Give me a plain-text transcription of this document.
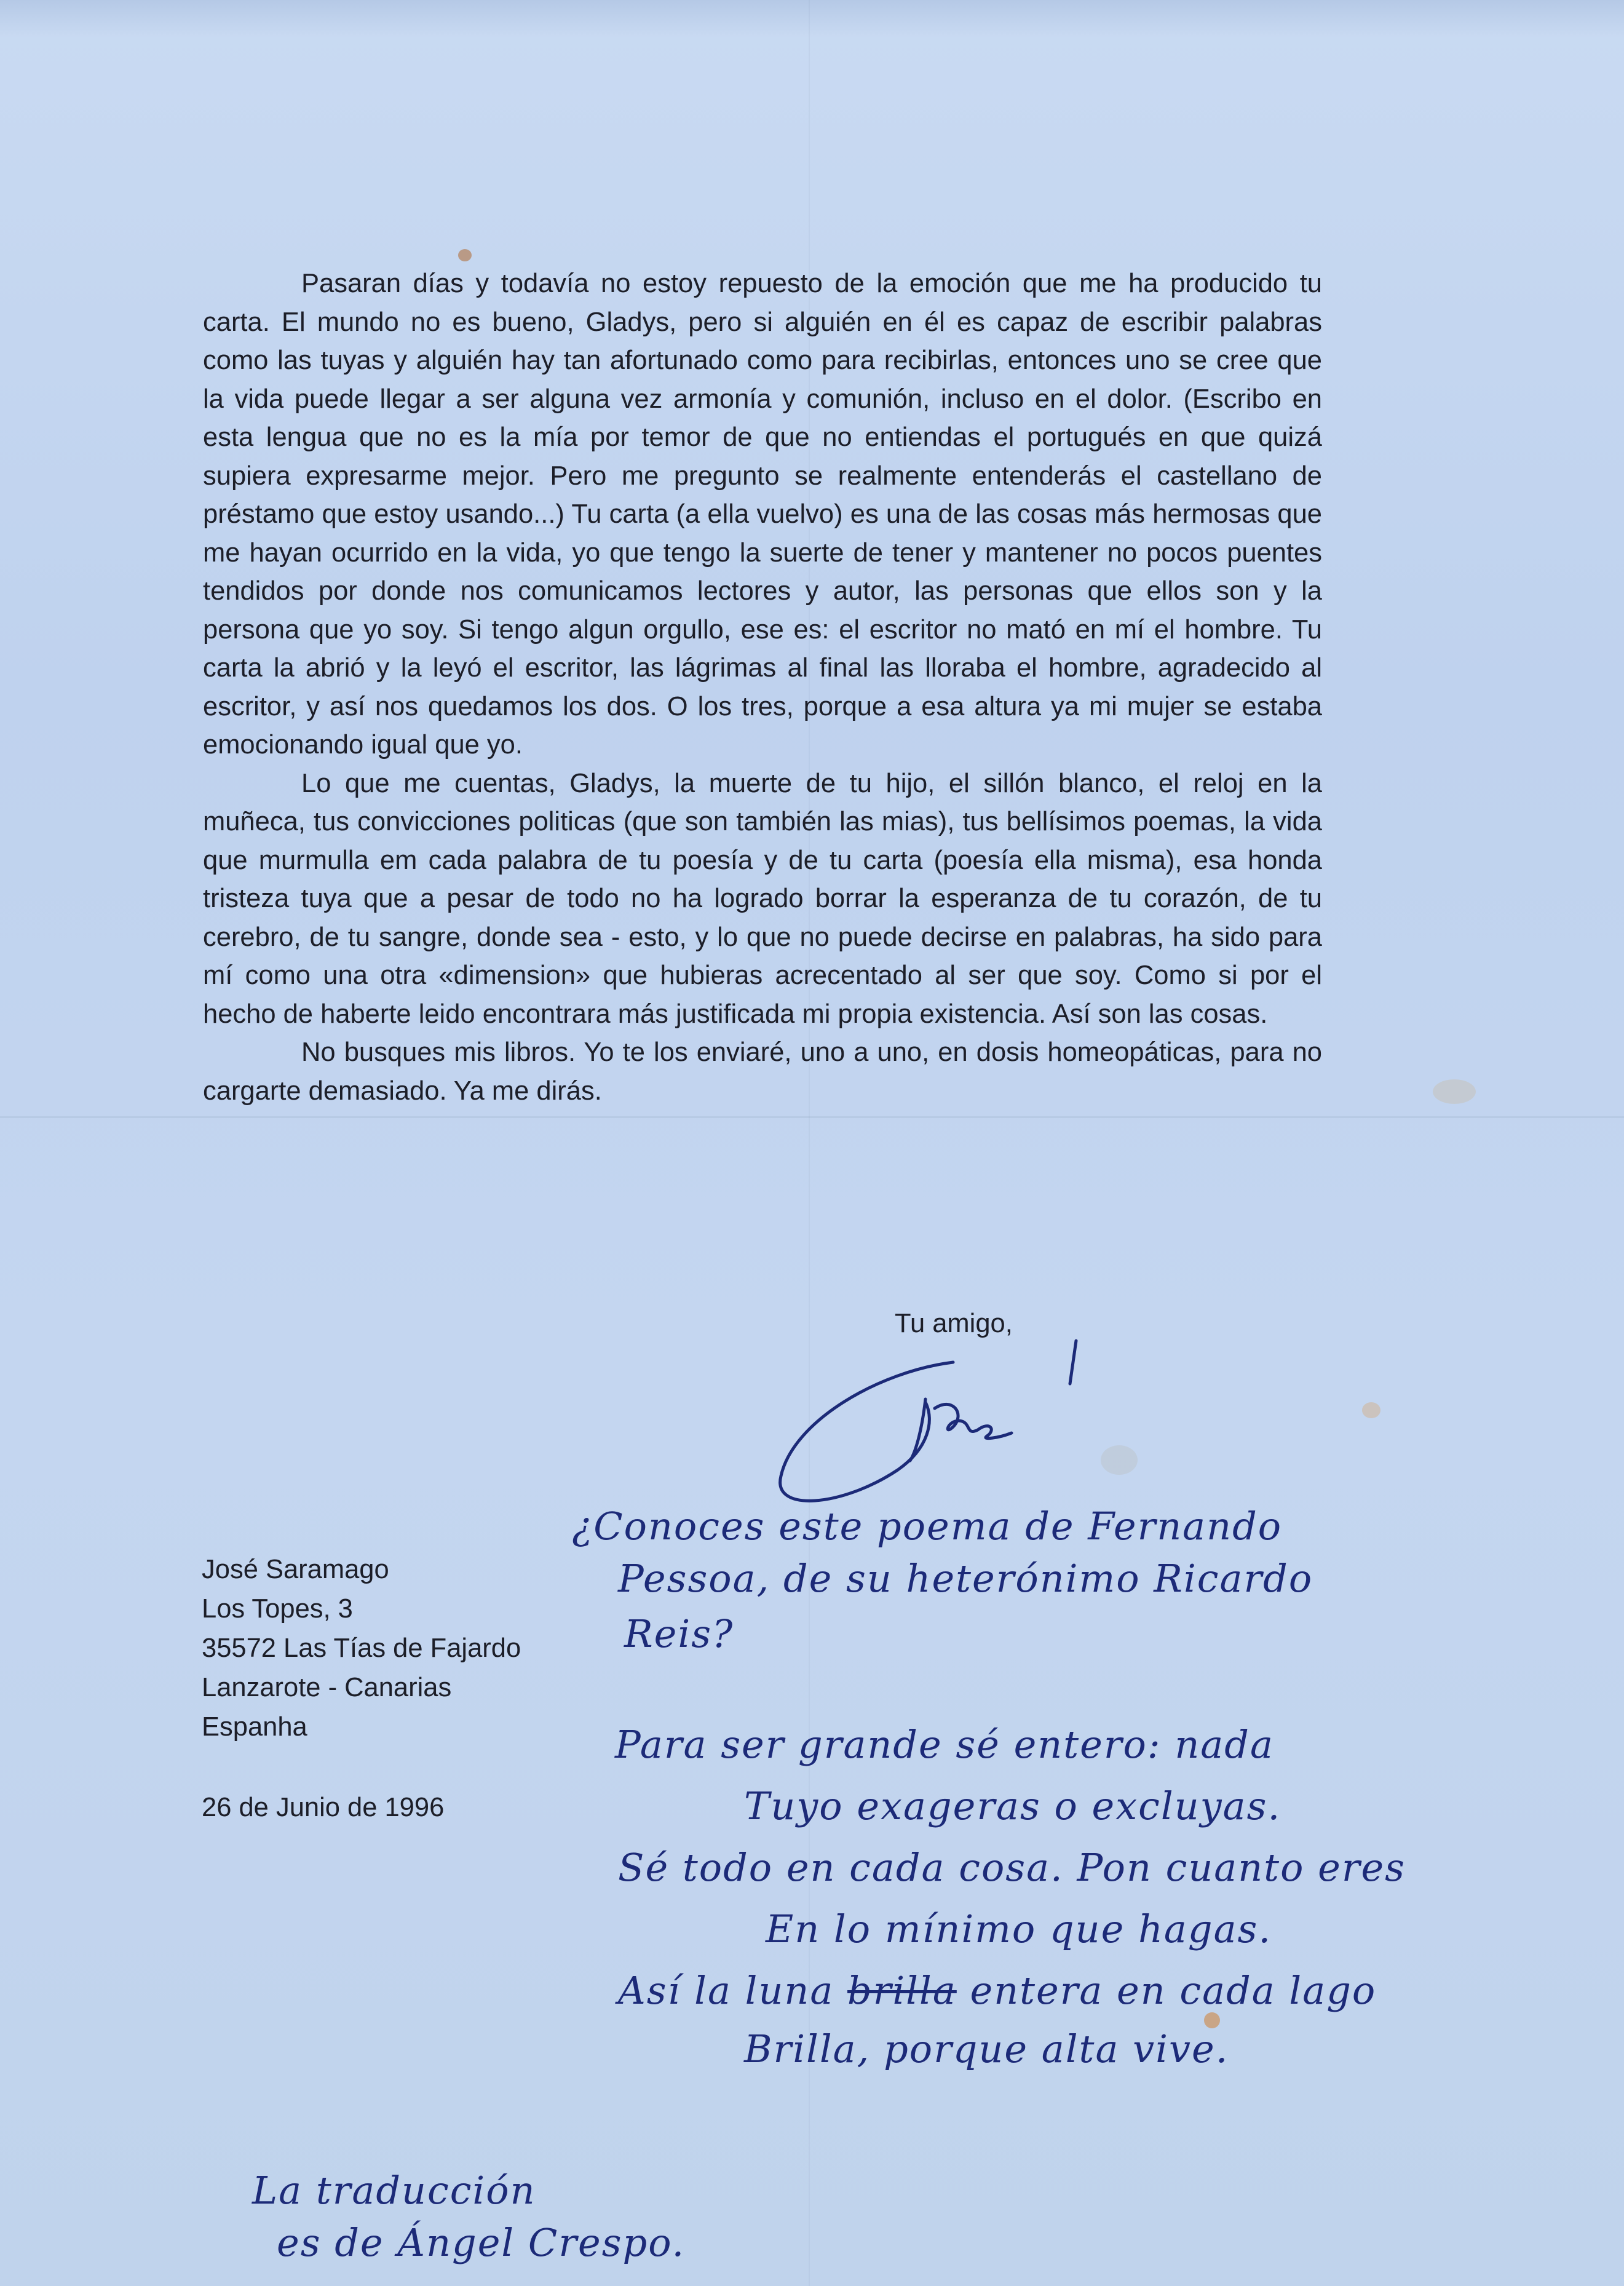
Pasaran días y todavía no estoy repuesto de la emoción que me ha producido tu carta. El mundo no es bueno, Gladys, pero si alguién en él es capaz de escribir palabras como las tuyas y alguién hay tan afortunado como para recibirlas, entonces uno se cree que la vida puede llegar a ser alguna vez armonía y comunión, incluso en el dolor. (Escribo en esta lengua que no es la mía por temor de que no entiendas el portugués en que quizá supiera expresarme mejor. Pero me pregunto se realmente entenderás el castellano de préstamo que estoy usando...) Tu carta (a ella vuelvo) es una de las cosas más hermosas que me hayan ocurrido en la vida, yo que tengo la suerte de tener y mantener no pocos puentes tendidos por donde nos comunicamos lectores y autor, las personas que ellos son y la persona que yo soy. Si tengo algun orgullo, ese es: el escritor no mató en mí el hombre. Tu carta la abrió y la leyó el escritor, las lágrimas al final las lloraba el hombre, agradecido al escritor, y así nos quedamos los dos. O los tres, porque a esa altura ya mi mujer se estaba emocionando igual que yo.

Lo que me cuentas, Gladys, la muerte de tu hijo, el sillón blanco, el reloj en la muñeca, tus convicciones politicas (que son también las mias), tus bellísimos poemas, la vida que murmulla em cada palabra de tu poesía y de tu carta (poesía ella misma), esa honda tristeza tuya que a pesar de todo no ha logrado borrar la esperanza de tu corazón, de tu cerebro, de tu sangre, donde sea - esto, y lo que no puede decirse en palabras, ha sido para mí como una otra «dimension» que hubieras acrecentado al ser que soy. Como si por el hecho de haberte leido encontrara más justificada mi propia existencia. Así son las cosas.

No busques mis libros. Yo te los enviaré, uno a uno, en dosis homeopáticas, para no cargarte demasiado. Ya me dirás.

Tu amigo,
José Saramago
Los Topes, 3
35572 Las Tías de Fajardo
Lanzarote - Canarias
Espanha
26 de Junio de 1996
¿Conoces este poema de Fernando
Pessoa, de su heterónimo Ricardo
Reis?
Para ser grande sé entero: nada
Tuyo exageras o excluyas.
Sé todo en cada cosa. Pon cuanto eres
En lo mínimo que hagas.
Así la luna brilla entera en cada lago
Brilla, porque alta vive.
La traducción
es de Ángel Crespo.
